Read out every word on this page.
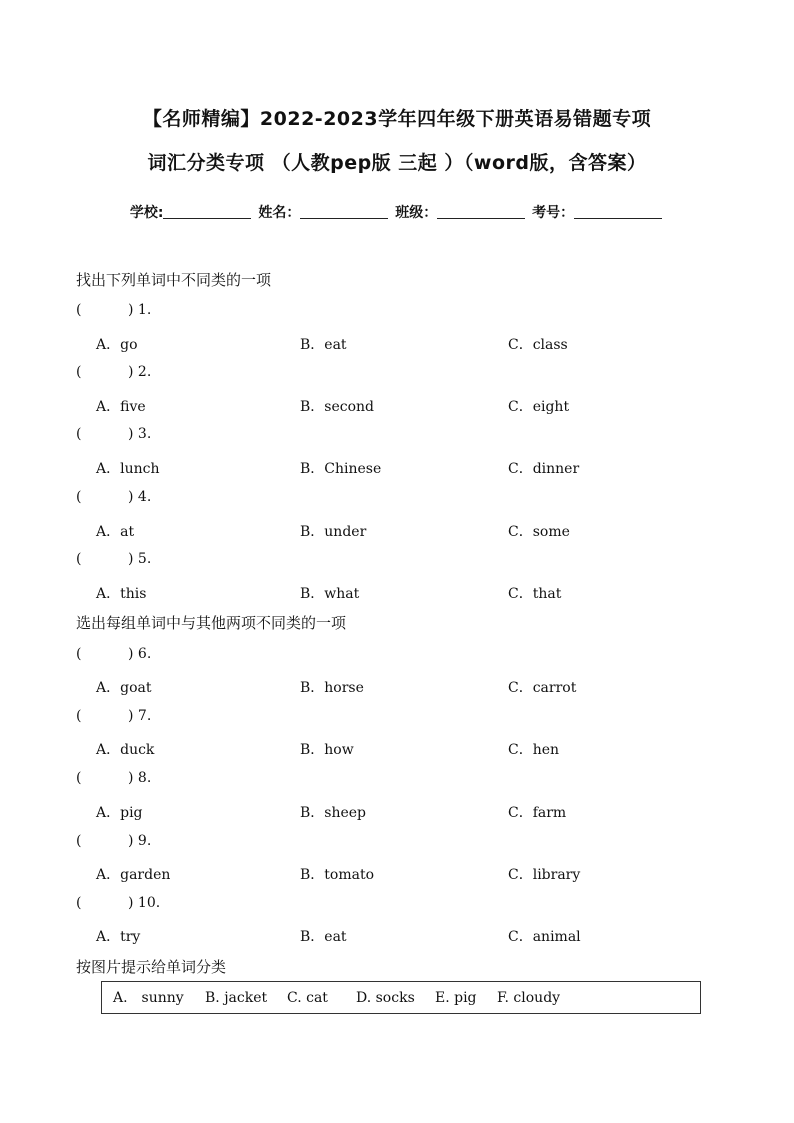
【名师精编】2022-2023学年四年级下册英语易错题专项
词汇分类专项 （人教pep版 三起 ）（word版，含答案）
学校:	姓名：	班级：	考号：
找出下列单词中不同类的一项
(	) 1.
A．go	B．eat	C．class
(	) 2.
A．five	B．second	C．eight
(	) 3.
A．lunch	B．Chinese	C．dinner
(	) 4.
A．at	B．under	C．some
(	) 5.
A．this	B．what	C．that
选出每组单词中与其他两项不同类的一项
(	) 6.
A．goat	B．horse	C．carrot
(	) 7.
A．duck	B．how	C．hen
(	) 8.
A．pig	B．sheep	C．farm
(	) 9.
A．garden	B．tomato	C．library
(	) 10.
A．try	B．eat	C．animal
按图片提示给单词分类
A.　sunny B. jacket C. cat D. socks E. pig F. cloudy
